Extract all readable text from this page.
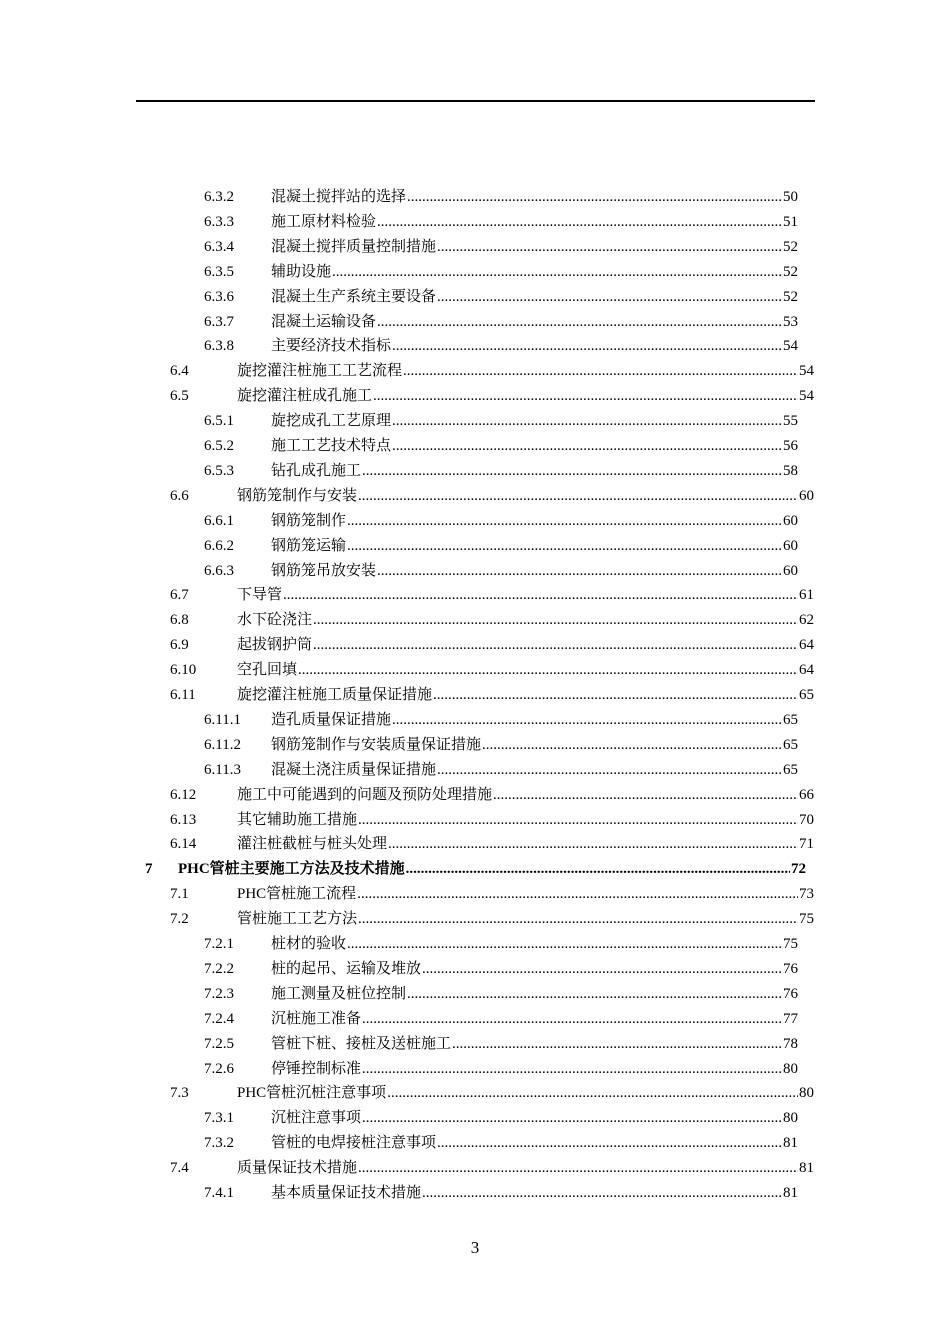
6.3.2	混凝土搅拌站的选择 .....	50
6.3.3	施工原材料检验 .....	51
6.3.4	混凝土搅拌质量控制措施 .....	52
6.3.5	辅助设施 .....	52
6.3.6	混凝土生产系统主要设备 .....	52
6.3.7	混凝土运输设备 .....	53
6.3.8	主要经济技术指标 .....	54
6.4	旋挖灌注桩施工工艺流程 .....	54
6.5	旋挖灌注桩成孔施工 .....	54
6.5.1	旋挖成孔工艺原理 .....	55
6.5.2	施工工艺技术特点 .....	56
6.5.3	钻孔成孔施工 .....	58
6.6	钢筋笼制作与安装 .....	60
6.6.1	钢筋笼制作 .....	60
6.6.2	钢筋笼运输 .....	60
6.6.3	钢筋笼吊放安装 .....	60
6.7	下导管 .....	61
6.8	水下砼浇注 .....	62
6.9	起拔钢护筒 .....	64
6.10	空孔回填 .....	64
6.11	旋挖灌注桩施工质量保证措施 .....	65
6.11.1	造孔质量保证措施 .....	65
6.11.2	钢筋笼制作与安装质量保证措施 .....	65
6.11.3	混凝土浇注质量保证措施 .....	65
6.12	施工中可能遇到的问题及预防处理措施 .....	66
6.13	其它辅助施工措施 .....	70
6.14	灌注桩截桩与桩头处理 .....	71
7	PHC管桩主要施工方法及技术措施 .....	72
7.1	PHC管桩施工流程 .....	73
7.2	管桩施工工艺方法 .....	75
7.2.1	桩材的验收 .....	75
7.2.2	桩的起吊、运输及堆放 .....	76
7.2.3	施工测量及桩位控制 .....	76
7.2.4	沉桩施工准备 .....	77
7.2.5	管桩下桩、接桩及送桩施工 .....	78
7.2.6	停锤控制标准 .....	80
7.3	PHC管桩沉桩注意事项 .....	80
7.3.1	沉桩注意事项 .....	80
7.3.2	管桩的电焊接桩注意事项 .....	81
7.4	质量保证技术措施 .....	81
7.4.1	基本质量保证技术措施 .....	81
3
